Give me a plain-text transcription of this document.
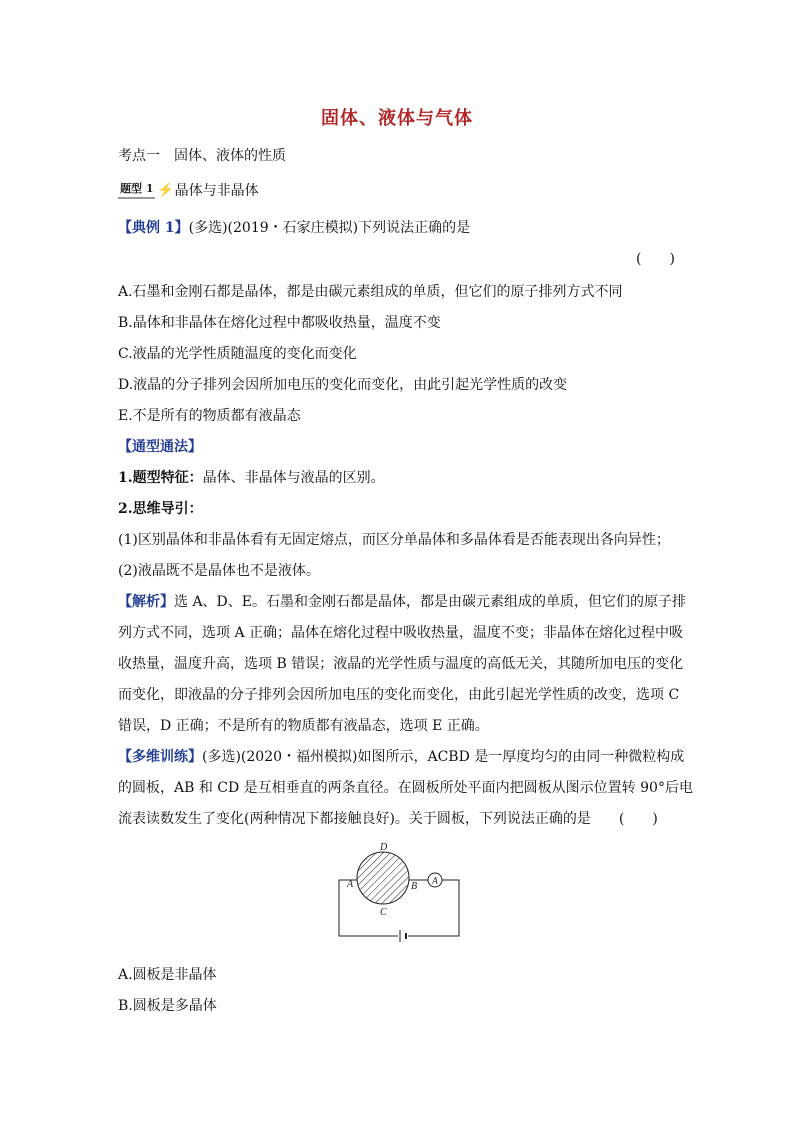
固体、液体与气体
考点一　固体、液体的性质
题型 1 ⚡ 晶体与非晶体
【典例 1】(多选)(2019・石家庄模拟)下列说法正确的是
(　　)
A.石墨和金刚石都是晶体，都是由碳元素组成的单质，但它们的原子排列方式不同
B.晶体和非晶体在熔化过程中都吸收热量，温度不变
C.液晶的光学性质随温度的变化而变化
D.液晶的分子排列会因所加电压的变化而变化，由此引起光学性质的改变
E.不是所有的物质都有液晶态
【通型通法】
1.题型特征：晶体、非晶体与液晶的区别。
2.思维导引：
(1)区别晶体和非晶体看有无固定熔点，而区分单晶体和多晶体看是否能表现出各向异性；
(2)液晶既不是晶体也不是液体。
【解析】选 A、D、E。石墨和金刚石都是晶体，都是由碳元素组成的单质，但它们的原子排
列方式不同，选项 A 正确；晶体在熔化过程中吸收热量，温度不变；非晶体在熔化过程中吸
收热量，温度升高，选项 B 错误；液晶的光学性质与温度的高低无关，其随所加电压的变化
而变化，即液晶的分子排列会因所加电压的变化而变化，由此引起光学性质的改变，选项 C
错误，D 正确；不是所有的物质都有液晶态，选项 E 正确。
【多维训练】(多选)(2020・福州模拟)如图所示，ACBD 是一厚度均匀的由同一种微粒构成
的圆板，AB 和 CD 是互相垂直的两条直径。在圆板所处平面内把圆板从图示位置转 90°后电
流表读数发生了变化(两种情况下都接触良好)。关于圆板，下列说法正确的是　　(　　)
A
A	B
C
D
A.圆板是非晶体
B.圆板是多晶体
